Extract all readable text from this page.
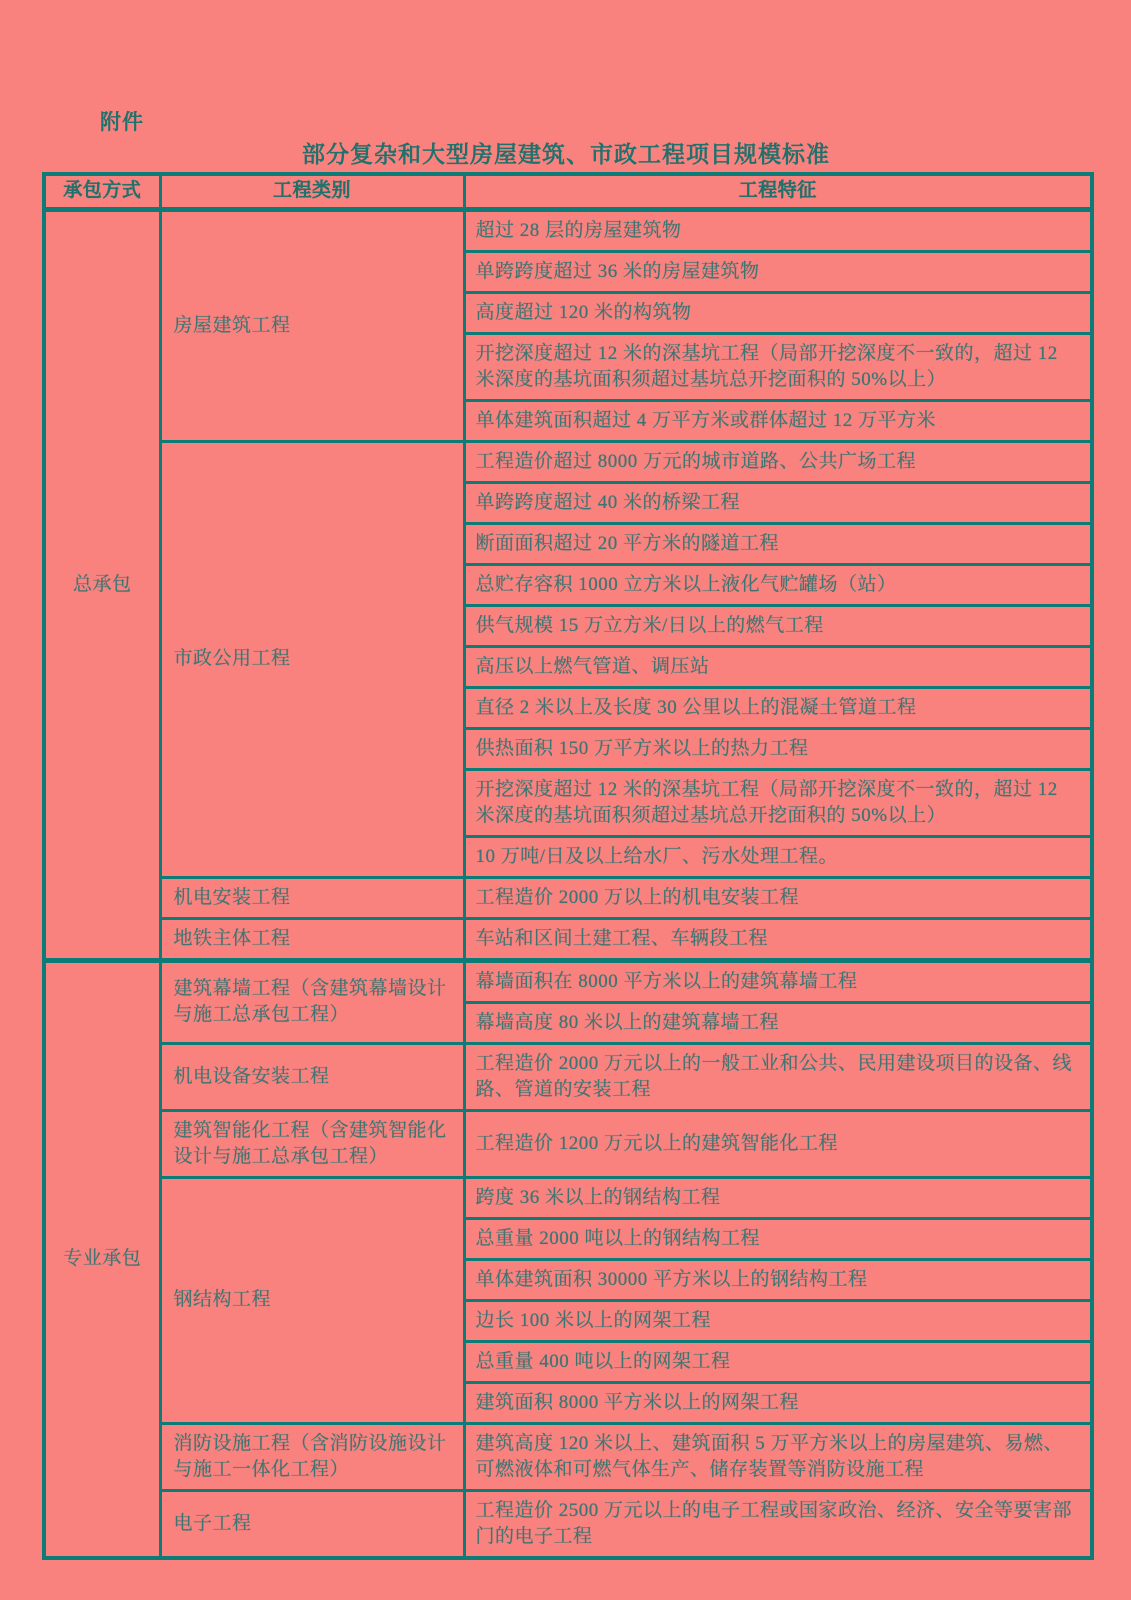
附件
部分复杂和大型房屋建筑、市政工程项目规模标准
承包方式	工程类别	工程特征
总承包	房屋建筑工程	超过 28 层的房屋建筑物
		单跨跨度超过 36 米的房屋建筑物
		高度超过 120 米的构筑物
		开挖深度超过 12 米的深基坑工程（局部开挖深度不一致的，超过 12 米深度的基坑面积须超过基坑总开挖面积的 50%以上）
		单体建筑面积超过 4 万平方米或群体超过 12 万平方米
	市政公用工程	工程造价超过 8000 万元的城市道路、公共广场工程
		单跨跨度超过 40 米的桥梁工程
		断面面积超过 20 平方米的隧道工程
		总贮存容积 1000 立方米以上液化气贮罐场（站）
		供气规模 15 万立方米/日以上的燃气工程
		高压以上燃气管道、调压站
		直径 2 米以上及长度 30 公里以上的混凝土管道工程
		供热面积 150 万平方米以上的热力工程
		开挖深度超过 12 米的深基坑工程（局部开挖深度不一致的，超过 12 米深度的基坑面积须超过基坑总开挖面积的 50%以上）
		10 万吨/日及以上给水厂、污水处理工程。
	机电安装工程	工程造价 2000 万以上的机电安装工程
	地铁主体工程	车站和区间土建工程、车辆段工程
专业承包	建筑幕墙工程（含建筑幕墙设计与施工总承包工程）	幕墙面积在 8000 平方米以上的建筑幕墙工程
		幕墙高度 80 米以上的建筑幕墙工程
	机电设备安装工程	工程造价 2000 万元以上的一般工业和公共、民用建设项目的设备、线路、管道的安装工程
	建筑智能化工程（含建筑智能化设计与施工总承包工程）	工程造价 1200 万元以上的建筑智能化工程
	钢结构工程	跨度 36 米以上的钢结构工程
		总重量 2000 吨以上的钢结构工程
		单体建筑面积 30000 平方米以上的钢结构工程
		边长 100 米以上的网架工程
		总重量 400 吨以上的网架工程
		建筑面积 8000 平方米以上的网架工程
	消防设施工程（含消防设施设计与施工一体化工程）	建筑高度 120 米以上、建筑面积 5 万平方米以上的房屋建筑、易燃、可燃液体和可燃气体生产、储存装置等消防设施工程
	电子工程	工程造价 2500 万元以上的电子工程或国家政治、经济、安全等要害部门的电子工程
